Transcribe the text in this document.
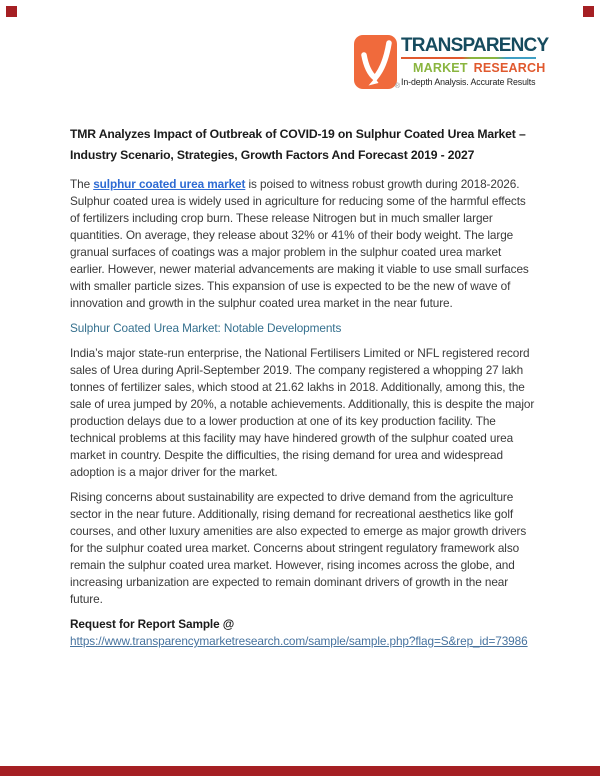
®
TRANSPARENCY
MARKET RESEARCH
In-depth Analysis. Accurate Results
TMR Analyzes Impact of Outbreak of COVID-19 on Sulphur Coated Urea Market – Industry Scenario, Strategies, Growth Factors And Forecast 2019 - 2027

The sulphur coated urea market is poised to witness robust growth during 2018-2026. Sulphur coated urea is widely used in agriculture for reducing some of the harmful effects of fertilizers including crop burn. These release Nitrogen but in much smaller larger quantities. On average, they release about 32% or 41% of their body weight. The large granual surfaces of coatings was a major problem in the sulphur coated urea market earlier. However, newer material advancements are making it viable to use small surfaces with smaller particle sizes. This expansion of use is expected to be the new of wave of innovation and growth in the sulphur coated urea market in the near future.

Sulphur Coated Urea Market: Notable Developments

India’s major state-run enterprise, the National Fertilisers Limited or NFL registered record sales of Urea during April-September 2019. The company registered a whopping 27 lakh tonnes of fertilizer sales, which stood at 21.62 lakhs in 2018. Additionally, among this, the sale of urea jumped by 20%, a notable achievements. Additionally, this is despite the major production delays due to a lower production at one of its key production facility. The technical problems at this facility may have hindered growth of the sulphur coated urea market in country. Despite the difficulties, the rising demand for urea and widespread adoption is a major driver for the market.

Rising concerns about sustainability are expected to drive demand from the agriculture sector in the near future. Additionally, rising demand for recreational aesthetics like golf courses, and other luxury amenities are also expected to emerge as major growth drivers for the sulphur coated urea market. Concerns about stringent regulatory framework also remain the sulphur coated urea market. However, rising incomes across the globe, and increasing urbanization are expected to remain dominant drivers of growth in the near future.

Request for Report Sample @

https://www.transparencymarketresearch.com/sample/sample.php?flag=S&rep_id=73986
